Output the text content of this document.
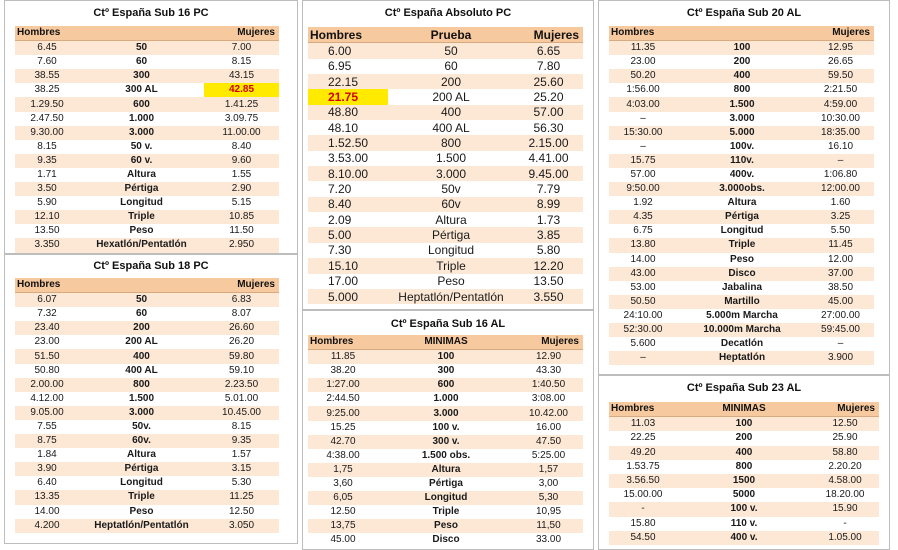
Ctº España Sub 16 PC
Hombres		Mujeres
6.45	50	7.00
7.60	60	8.15
38.55	300	43.15
38.25	300 AL	42.85
1.29.50	600	1.41.25
2.47.50	1.000	3.09.75
9.30.00	3.000	11.00.00
8.15	50 v.	8.40
9.35	60 v.	9.60
1.71	Altura	1.55
3.50	Pértiga	2.90
5.90	Longitud	5.15
12.10	Triple	10.85
13.50	Peso	11.50
3.350	Hexatlón/Pentatlón	2.950
Ctº España Sub 18 PC
Hombres		Mujeres
6.07	50	6.83
7.32	60	8.07
23.40	200	26.60
23.00	200 AL	26.20
51.50	400	59.80
50.80	400 AL	59.10
2.00.00	800	2.23.50
4.12.00	1.500	5.01.00
9.05.00	3.000	10.45.00
7.55	50v.	8.15
8.75	60v.	9.35
1.84	Altura	1.57
3.90	Pértiga	3.15
6.40	Longitud	5.30
13.35	Triple	11.25
14.00	Peso	12.50
4.200	Heptatlón/Pentatlón	3.050
Ctº España Absoluto PC
Hombres	Prueba	Mujeres
6.00	50	6.65
6.95	60	7.80
22.15	200	25.60
21.75	200 AL	25.20
48.80	400	57.00
48.10	400 AL	56.30
1.52.50	800	2.15.00
3.53.00	1.500	4.41.00
8.10.00	3.000	9.45.00
7.20	50v	7.79
8.40	60v	8.99
2.09	Altura	1.73
5.00	Pértiga	3.85
7.30	Longitud	5.80
15.10	Triple	12.20
17.00	Peso	13.50
5.000	Heptatlón/Pentatlón	3.550
Ctº España Sub 16 AL
Hombres	MINIMAS	Mujeres
11.85	100	12.90
38.20	300	43.30
1:27.00	600	1:40.50
2:44.50	1.000	3:08.00
9:25.00	3.000	10.42.00
15.25	100 v.	16.00
42.70	300 v.	47.50
4:38.00	1.500 obs.	5:25.00
1,75	Altura	1,57
3,60	Pértiga	3,00
6,05	Longitud	5,30
12.50	Triple	10,95
13,75	Peso	11,50
45.00	Disco	33.00
Ctº España Sub 20 AL
Hombres		Mujeres
11.35	100	12.95
23.00	200	26.65
50.20	400	59.50
1:56.00	800	2:21.50
4:03.00	1.500	4:59.00
–	3.000	10:30.00
15:30.00	5.000	18:35.00
–	100v.	16.10
15.75	110v.	–
57.00	400v.	1:06.80
9:50.00	3.000obs.	12:00.00
1.92	Altura	1.60
4.35	Pértiga	3.25
6.75	Longitud	5.50
13.80	Triple	11.45
14.00	Peso	12.00
43.00	Disco	37.00
53.00	Jabalina	38.50
50.50	Martillo	45.00
24:10.00	5.000m Marcha	27:00.00
52:30.00	10.000m Marcha	59:45.00
5.600	Decatlón	–
–	Heptatlón	3.900
Ctº España Sub 23 AL
Hombres	MINIMAS	Mujeres
11.03	100	12.50
22.25	200	25.90
49.20	400	58.80
1.53.75	800	2.20.20
3.56.50	1500	4.58.00
15.00.00	5000	18.20.00
-	100 v.	15.90
15.80	110 v.	-
54.50	400 v.	1.05.00
